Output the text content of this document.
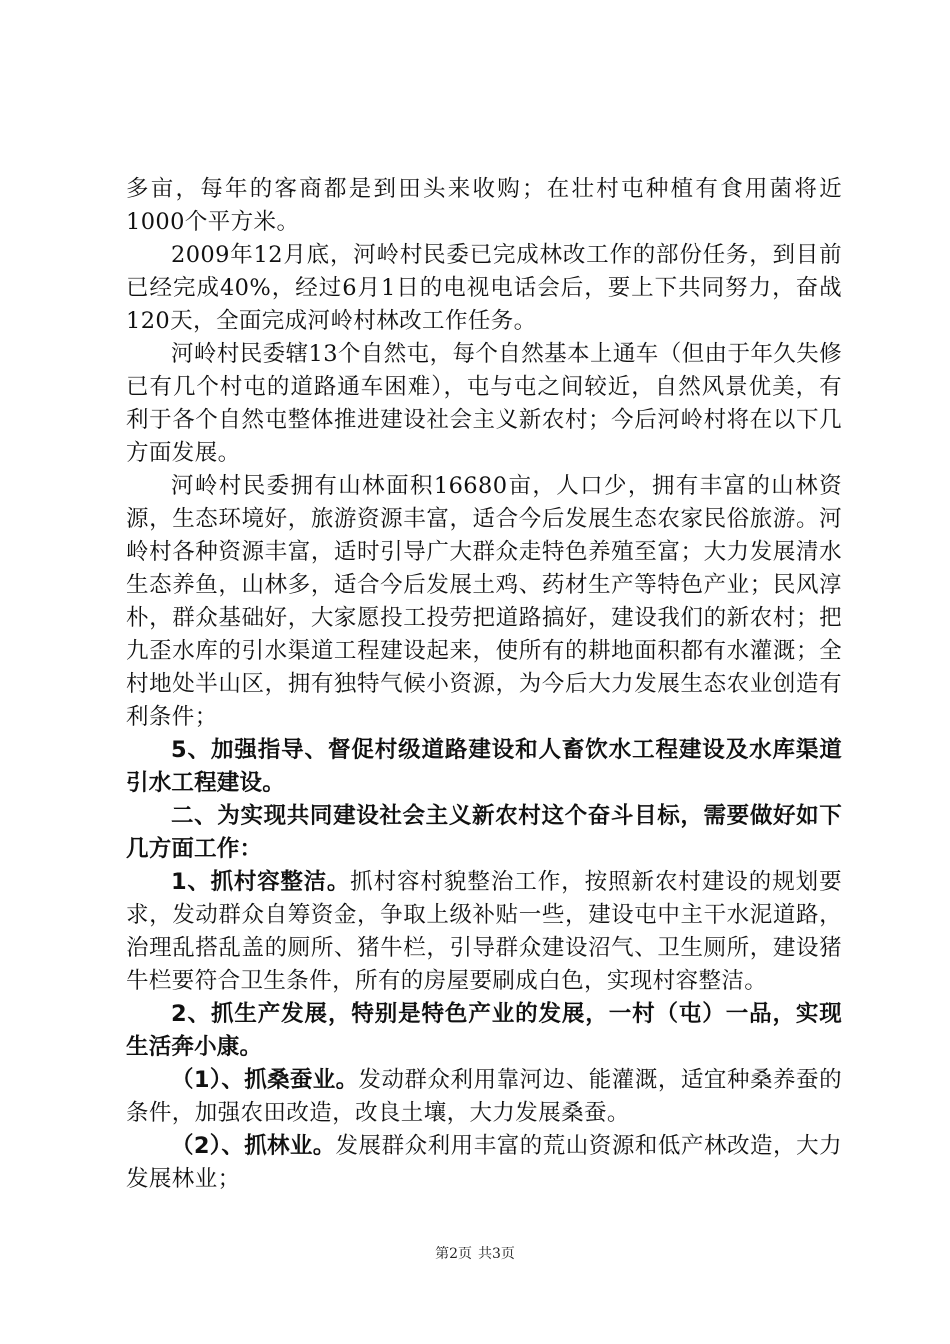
多亩，每年的客商都是到田头来收购；在壮村屯种植有食用菌将近1000个平方米。

2009年12月底，河岭村民委已完成林改工作的部份任务，到目前已经完成40%，经过6月1日的电视电话会后，要上下共同努力，奋战120天，全面完成河岭村林改工作任务。

河岭村民委辖13个自然屯，每个自然基本上通车（但由于年久失修已有几个村屯的道路通车困难），屯与屯之间较近，自然风景优美，有利于各个自然屯整体推进建设社会主义新农村；今后河岭村将在以下几方面发展。

河岭村民委拥有山林面积16680亩，人口少，拥有丰富的山林资源，生态环境好，旅游资源丰富，适合今后发展生态农家民俗旅游。河岭村各种资源丰富，适时引导广大群众走特色养殖至富；大力发展清水生态养鱼，山林多，适合今后发展土鸡、药材生产等特色产业；民风淳朴，群众基础好，大家愿投工投劳把道路搞好，建设我们的新农村；把九歪水库的引水渠道工程建设起来，使所有的耕地面积都有水灌溉；全村地处半山区，拥有独特气候小资源，为今后大力发展生态农业创造有利条件；

5、加强指导、督促村级道路建设和人畜饮水工程建设及水库渠道引水工程建设。

二、为实现共同建设社会主义新农村这个奋斗目标，需要做好如下几方面工作：

1、抓村容整洁。抓村容村貌整治工作，按照新农村建设的规划要求，发动群众自筹资金，争取上级补贴一些，建设屯中主干水泥道路，治理乱搭乱盖的厕所、猪牛栏，引导群众建设沼气、卫生厕所，建设猪牛栏要符合卫生条件，所有的房屋要刷成白色，实现村容整洁。

2、抓生产发展，特别是特色产业的发展，一村（屯）一品，实现生活奔小康。

（1）、抓桑蚕业。发动群众利用靠河边、能灌溉，适宜种桑养蚕的条件，加强农田改造，改良土壤，大力发展桑蚕。

（2）、抓林业。发展群众利用丰富的荒山资源和低产林改造，大力发展林业；

第2页 共3页
